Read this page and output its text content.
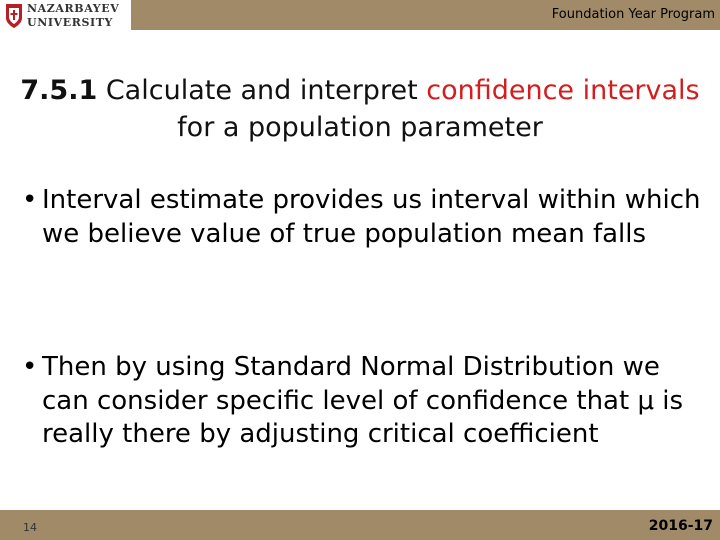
NAZARBAYEV
UNIVERSITY
Foundation Year Program
7.5.1 Calculate and interpret confidence intervals for a population parameter
• Interval estimate provides us interval within which we believe value of true population mean falls
• Then by using Standard Normal Distribution we can consider specific level of confidence that μ is really there by adjusting critical coefficient
14	2016-17
